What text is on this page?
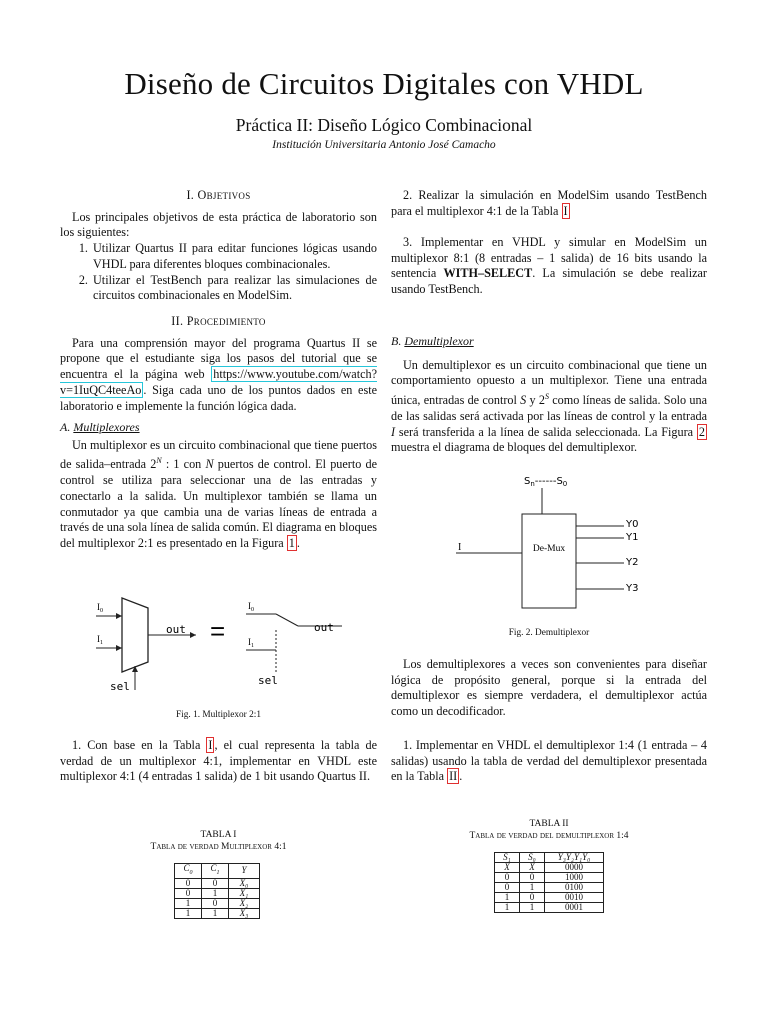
Diseño de Circuitos Digitales con VHDL
Práctica II: Diseño Lógico Combinacional
Institución Universitaria Antonio José Camacho
I. Objetivos

Los principales objetivos de esta práctica de laboratorio son los siguientes:

1. Utilizar Quartus II para editar funciones lógicas usando VHDL para diferentes bloques combinacionales.
2. Utilizar el TestBench para realizar las simulaciones de circuitos combinacionales en ModelSim.
II. Procedimiento

Para una comprensión mayor del programa Quartus II se propone que el estudiante siga los pasos del tutorial que se encuentra el la página web https://www.youtube.com/watch?v=1IuQC4teeAo . Siga cada uno de los puntos dados en este laboratorio e implemente la función lógica dada.

A. Multiplexores

Un multiplexor es un circuito combinacional que tiene puertos de salida–entrada $2^N$ : 1 con N puertos de control. El puerto de control se utiliza para seleccionar una de las entradas y conectarlo a la salida. Un multiplexor también se llama un conmutador ya que cambia una de varias líneas de entrada a través de una sola línea de salida común. El diagrama en bloques del multiplexor 2:1 es presentado en la Figura 1 .

$I_0$
$I_1$
out
sel
=
$I_0$
$I_1$
out
sel
Fig. 1. Multiplexor 2:1

1. Con base en la Tabla I , el cual representa la tabla de verdad de un multiplexor 4:1, implementar en VHDL este multiplexor 4:1 (4 entradas 1 salida) de 1 bit usando Quartus II.

TABLA I
Tabla de verdad Multiplexor 4:1
$C_0$	$C_1$	Y
0	0	X₀
0	1	X₁
1	0	X₂
1	1	X₃

2. Realizar la simulación en ModelSim usando TestBench para el multiplexor 4:1 de la Tabla I

3. Implementar en VHDL y simular en ModelSim un multiplexor 8:1 (8 entradas – 1 salida) de 16 bits usando la sentencia WITH–SELECT. La simulación se debe realizar usando TestBench.

B. Demultiplexor

Un demultiplexor es un circuito combinacional que tiene un comportamiento opuesto a un multiplexor. Tiene una entrada única, entradas de control S y $2^S$ como líneas de salida. Solo una de las salidas será activada por las líneas de control y la entrada I será transferida a la línea de salida seleccionada. La Figura 2 muestra el diagrama de bloques del demultiplexor.

$S_n------S_0$
De-Mux
I
Y0
Y1
Y2
Y3
Fig. 2. Demultiplexor

Los demultiplexores a veces son convenientes para diseñar lógica de propósito general, porque si la entrada del demultiplexor es siempre verdadera, el demultiplexor actúa como un decodificador.

1. Implementar en VHDL el demultiplexor 1:4 (1 entrada – 4 salidas) usando la tabla de verdad del demultiplexor presentada en la Tabla II .

TABLA II
Tabla de verdad del demultiplexor 1:4
S₁	S₀	Y₃Y₂Y₁Y₀
X	X	0000
0	0	1000
0	1	0100
1	0	0010
1	1	0001
